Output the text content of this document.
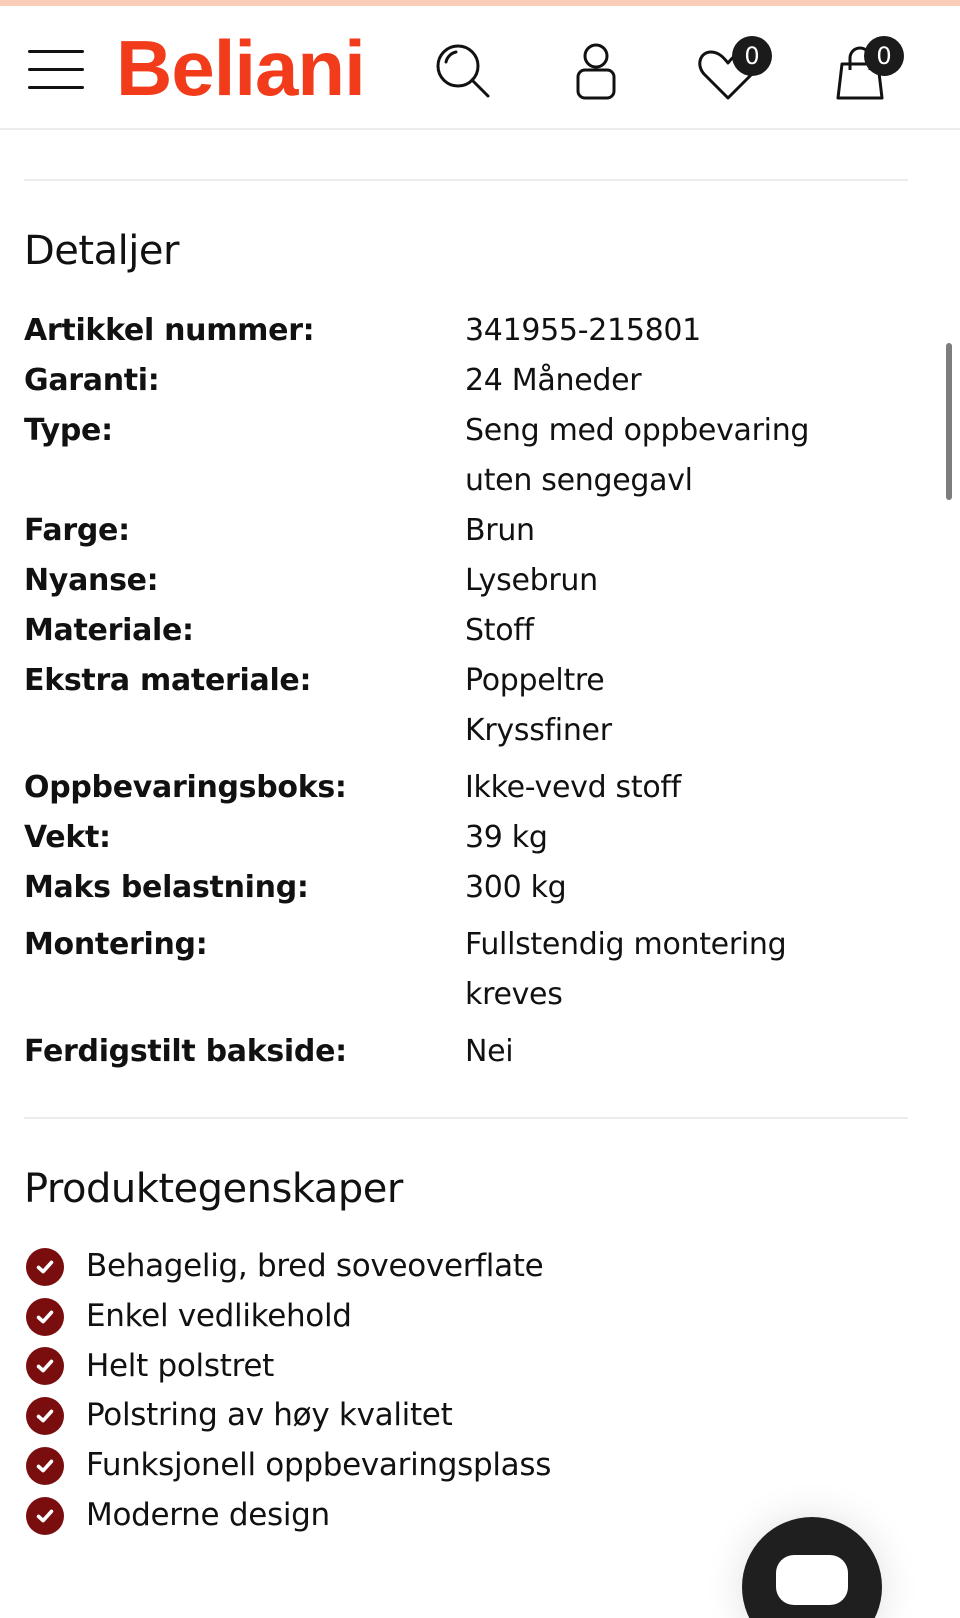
Beliani	0	0
Detaljer
Artikkel nummer:	341955-215801
Garanti:	24 Måneder
Type:	Seng med oppbevaring
uten sengegavl
Farge:	Brun
Nyanse:	Lysebrun
Materiale:	Stoff
Ekstra materiale:	Poppeltre
Kryssfiner
Oppbevaringsboks:	Ikke-vevd stoff
Vekt:	39 kg
Maks belastning:	300 kg
Montering:	Fullstendig montering
kreves
Ferdigstilt bakside:	Nei
Produktegenskaper
Behagelig, bred soveoverflate
Enkel vedlikehold
Helt polstret
Polstring av høy kvalitet
Funksjonell oppbevaringsplass
Moderne design
